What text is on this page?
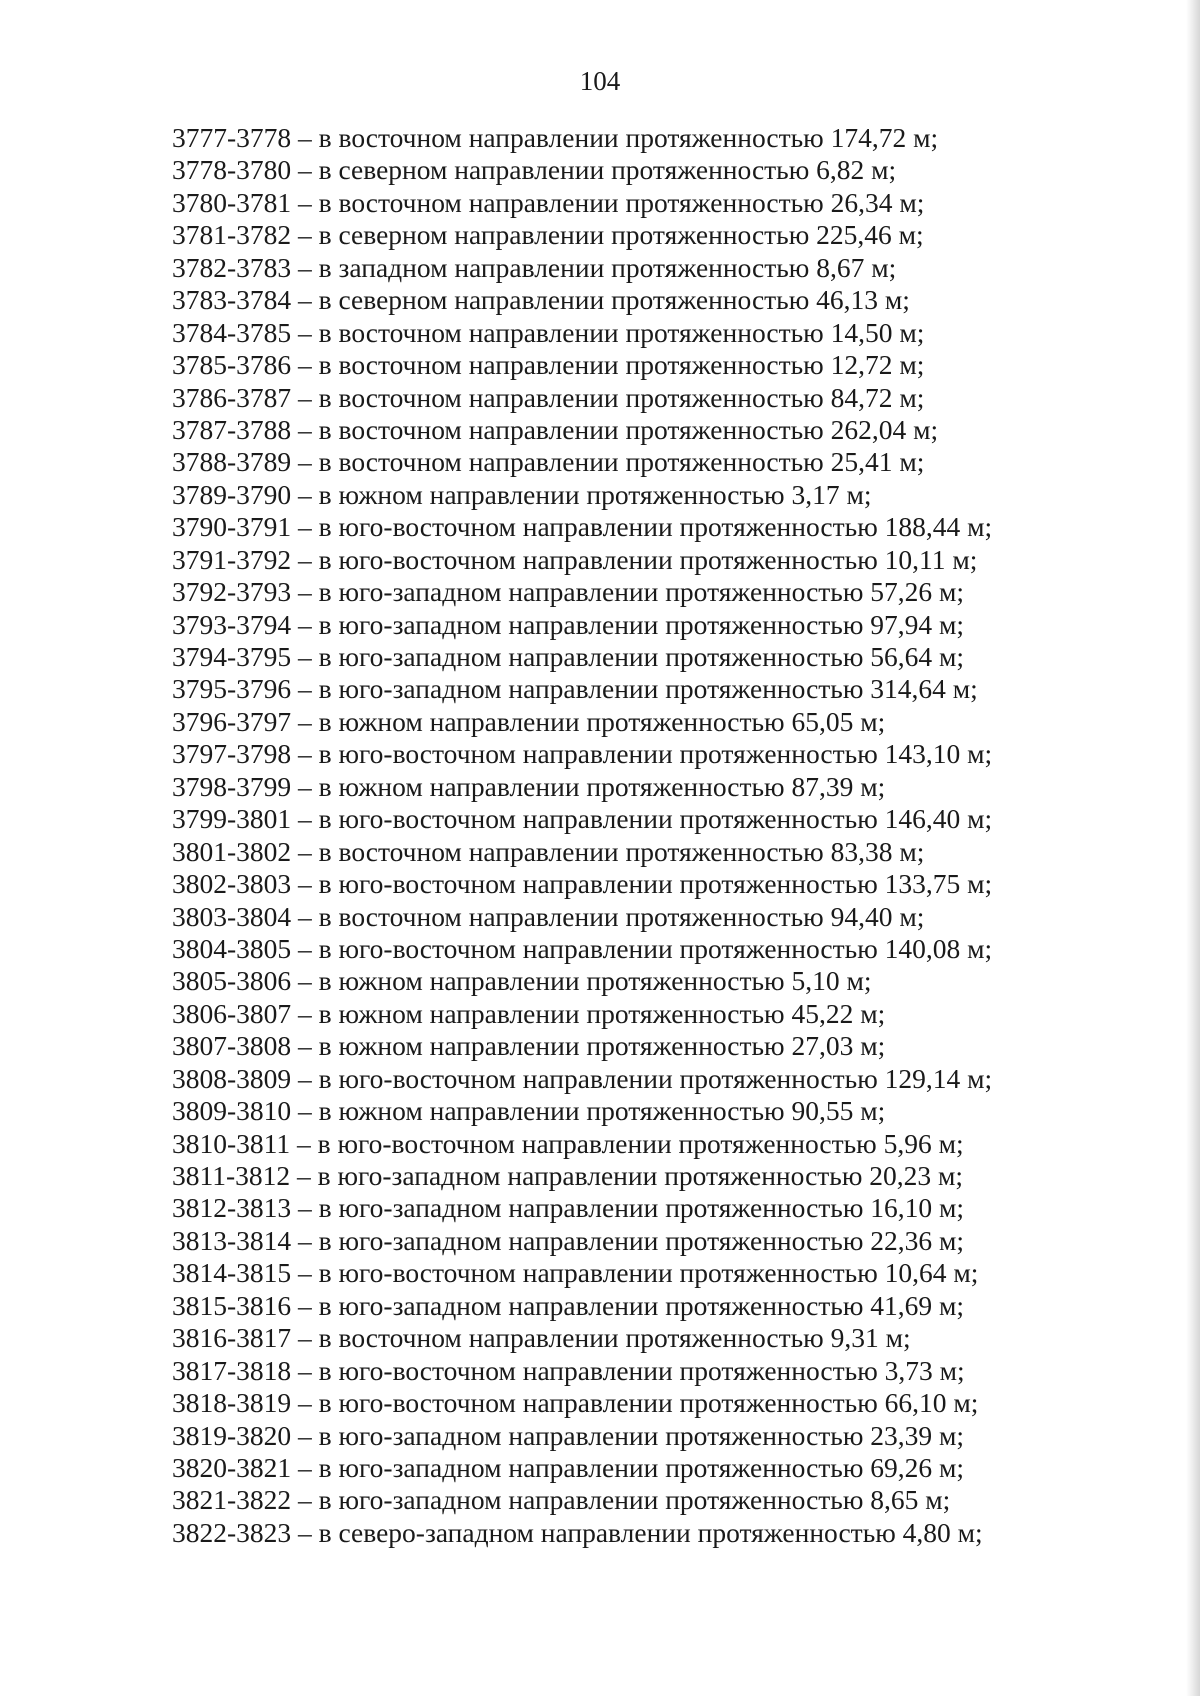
104
3777-3778 – в восточном направлении протяженностью 174,72 м;
3778-3780 – в северном направлении протяженностью 6,82 м;
3780-3781 – в восточном направлении протяженностью 26,34 м;
3781-3782 – в северном направлении протяженностью 225,46 м;
3782-3783 – в западном направлении протяженностью 8,67 м;
3783-3784 – в северном направлении протяженностью 46,13 м;
3784-3785 – в восточном направлении протяженностью 14,50 м;
3785-3786 – в восточном направлении протяженностью 12,72 м;
3786-3787 – в восточном направлении протяженностью 84,72 м;
3787-3788 – в восточном направлении протяженностью 262,04 м;
3788-3789 – в восточном направлении протяженностью 25,41 м;
3789-3790 – в южном направлении протяженностью 3,17 м;
3790-3791 – в юго-восточном направлении протяженностью 188,44 м;
3791-3792 – в юго-восточном направлении протяженностью 10,11 м;
3792-3793 – в юго-западном направлении протяженностью 57,26 м;
3793-3794 – в юго-западном направлении протяженностью 97,94 м;
3794-3795 – в юго-западном направлении протяженностью 56,64 м;
3795-3796 – в юго-западном направлении протяженностью 314,64 м;
3796-3797 – в южном направлении протяженностью 65,05 м;
3797-3798 – в юго-восточном направлении протяженностью 143,10 м;
3798-3799 – в южном направлении протяженностью 87,39 м;
3799-3801 – в юго-восточном направлении протяженностью 146,40 м;
3801-3802 – в восточном направлении протяженностью 83,38 м;
3802-3803 – в юго-восточном направлении протяженностью 133,75 м;
3803-3804 – в восточном направлении протяженностью 94,40 м;
3804-3805 – в юго-восточном направлении протяженностью 140,08 м;
3805-3806 – в южном направлении протяженностью 5,10 м;
3806-3807 – в южном направлении протяженностью 45,22 м;
3807-3808 – в южном направлении протяженностью 27,03 м;
3808-3809 – в юго-восточном направлении протяженностью 129,14 м;
3809-3810 – в южном направлении протяженностью 90,55 м;
3810-3811 – в юго-восточном направлении протяженностью 5,96 м;
3811-3812 – в юго-западном направлении протяженностью 20,23 м;
3812-3813 – в юго-западном направлении протяженностью 16,10 м;
3813-3814 – в юго-западном направлении протяженностью 22,36 м;
3814-3815 – в юго-восточном направлении протяженностью 10,64 м;
3815-3816 – в юго-западном направлении протяженностью 41,69 м;
3816-3817 – в восточном направлении протяженностью 9,31 м;
3817-3818 – в юго-восточном направлении протяженностью 3,73 м;
3818-3819 – в юго-восточном направлении протяженностью 66,10 м;
3819-3820 – в юго-западном направлении протяженностью 23,39 м;
3820-3821 – в юго-западном направлении протяженностью 69,26 м;
3821-3822 – в юго-западном направлении протяженностью 8,65 м;
3822-3823 – в северо-западном направлении протяженностью 4,80 м;
